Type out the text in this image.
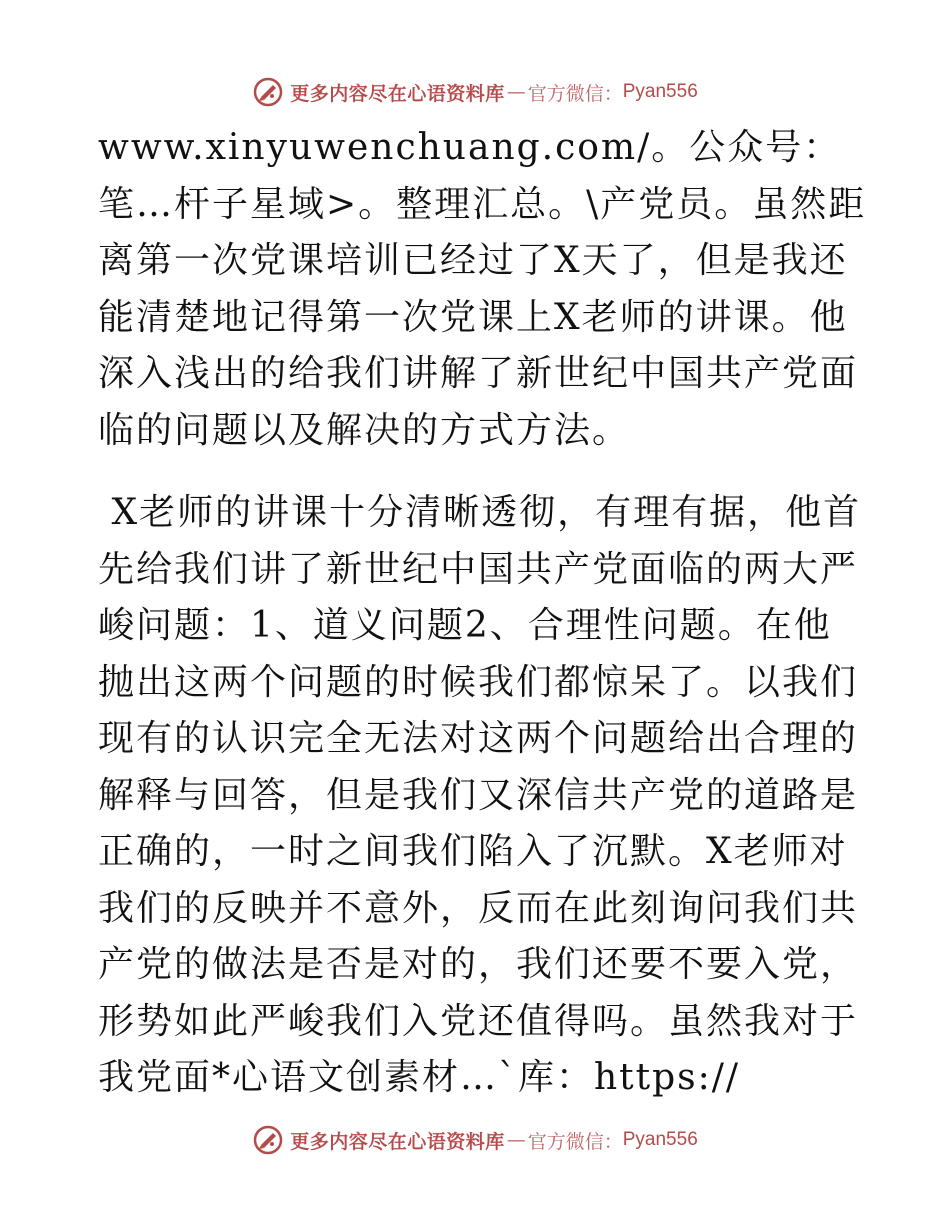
更多内容尽在心语资料库 — 官方微信： Pyan556

www.xinyuwenchuang.com/。公众号：笔…杆子星域>。整理汇总。\产党员。虽然距离第一次党课培训已经过了X天了，但是我还能清楚地记得第一次党课上X老师的讲课。他深入浅出的给我们讲解了新世纪中国共产党面临的问题以及解决的方式方法。

X老师的讲课十分清晰透彻，有理有据，他首先给我们讲了新世纪中国共产党面临的两大严峻问题：1、道义问题2、合理性问题。在他抛出这两个问题的时候我们都惊呆了。以我们现有的认识完全无法对这两个问题给出合理的解释与回答，但是我们又深信共产党的道路是正确的，一时之间我们陷入了沉默。X老师对我们的反映并不意外，反而在此刻询问我们共产党的做法是否是对的，我们还要不要入党，形势如此严峻我们入党还值得吗。虽然我对于我党面*心语文创素材…`库：https://

更多内容尽在心语资料库 — 官方微信： Pyan556
